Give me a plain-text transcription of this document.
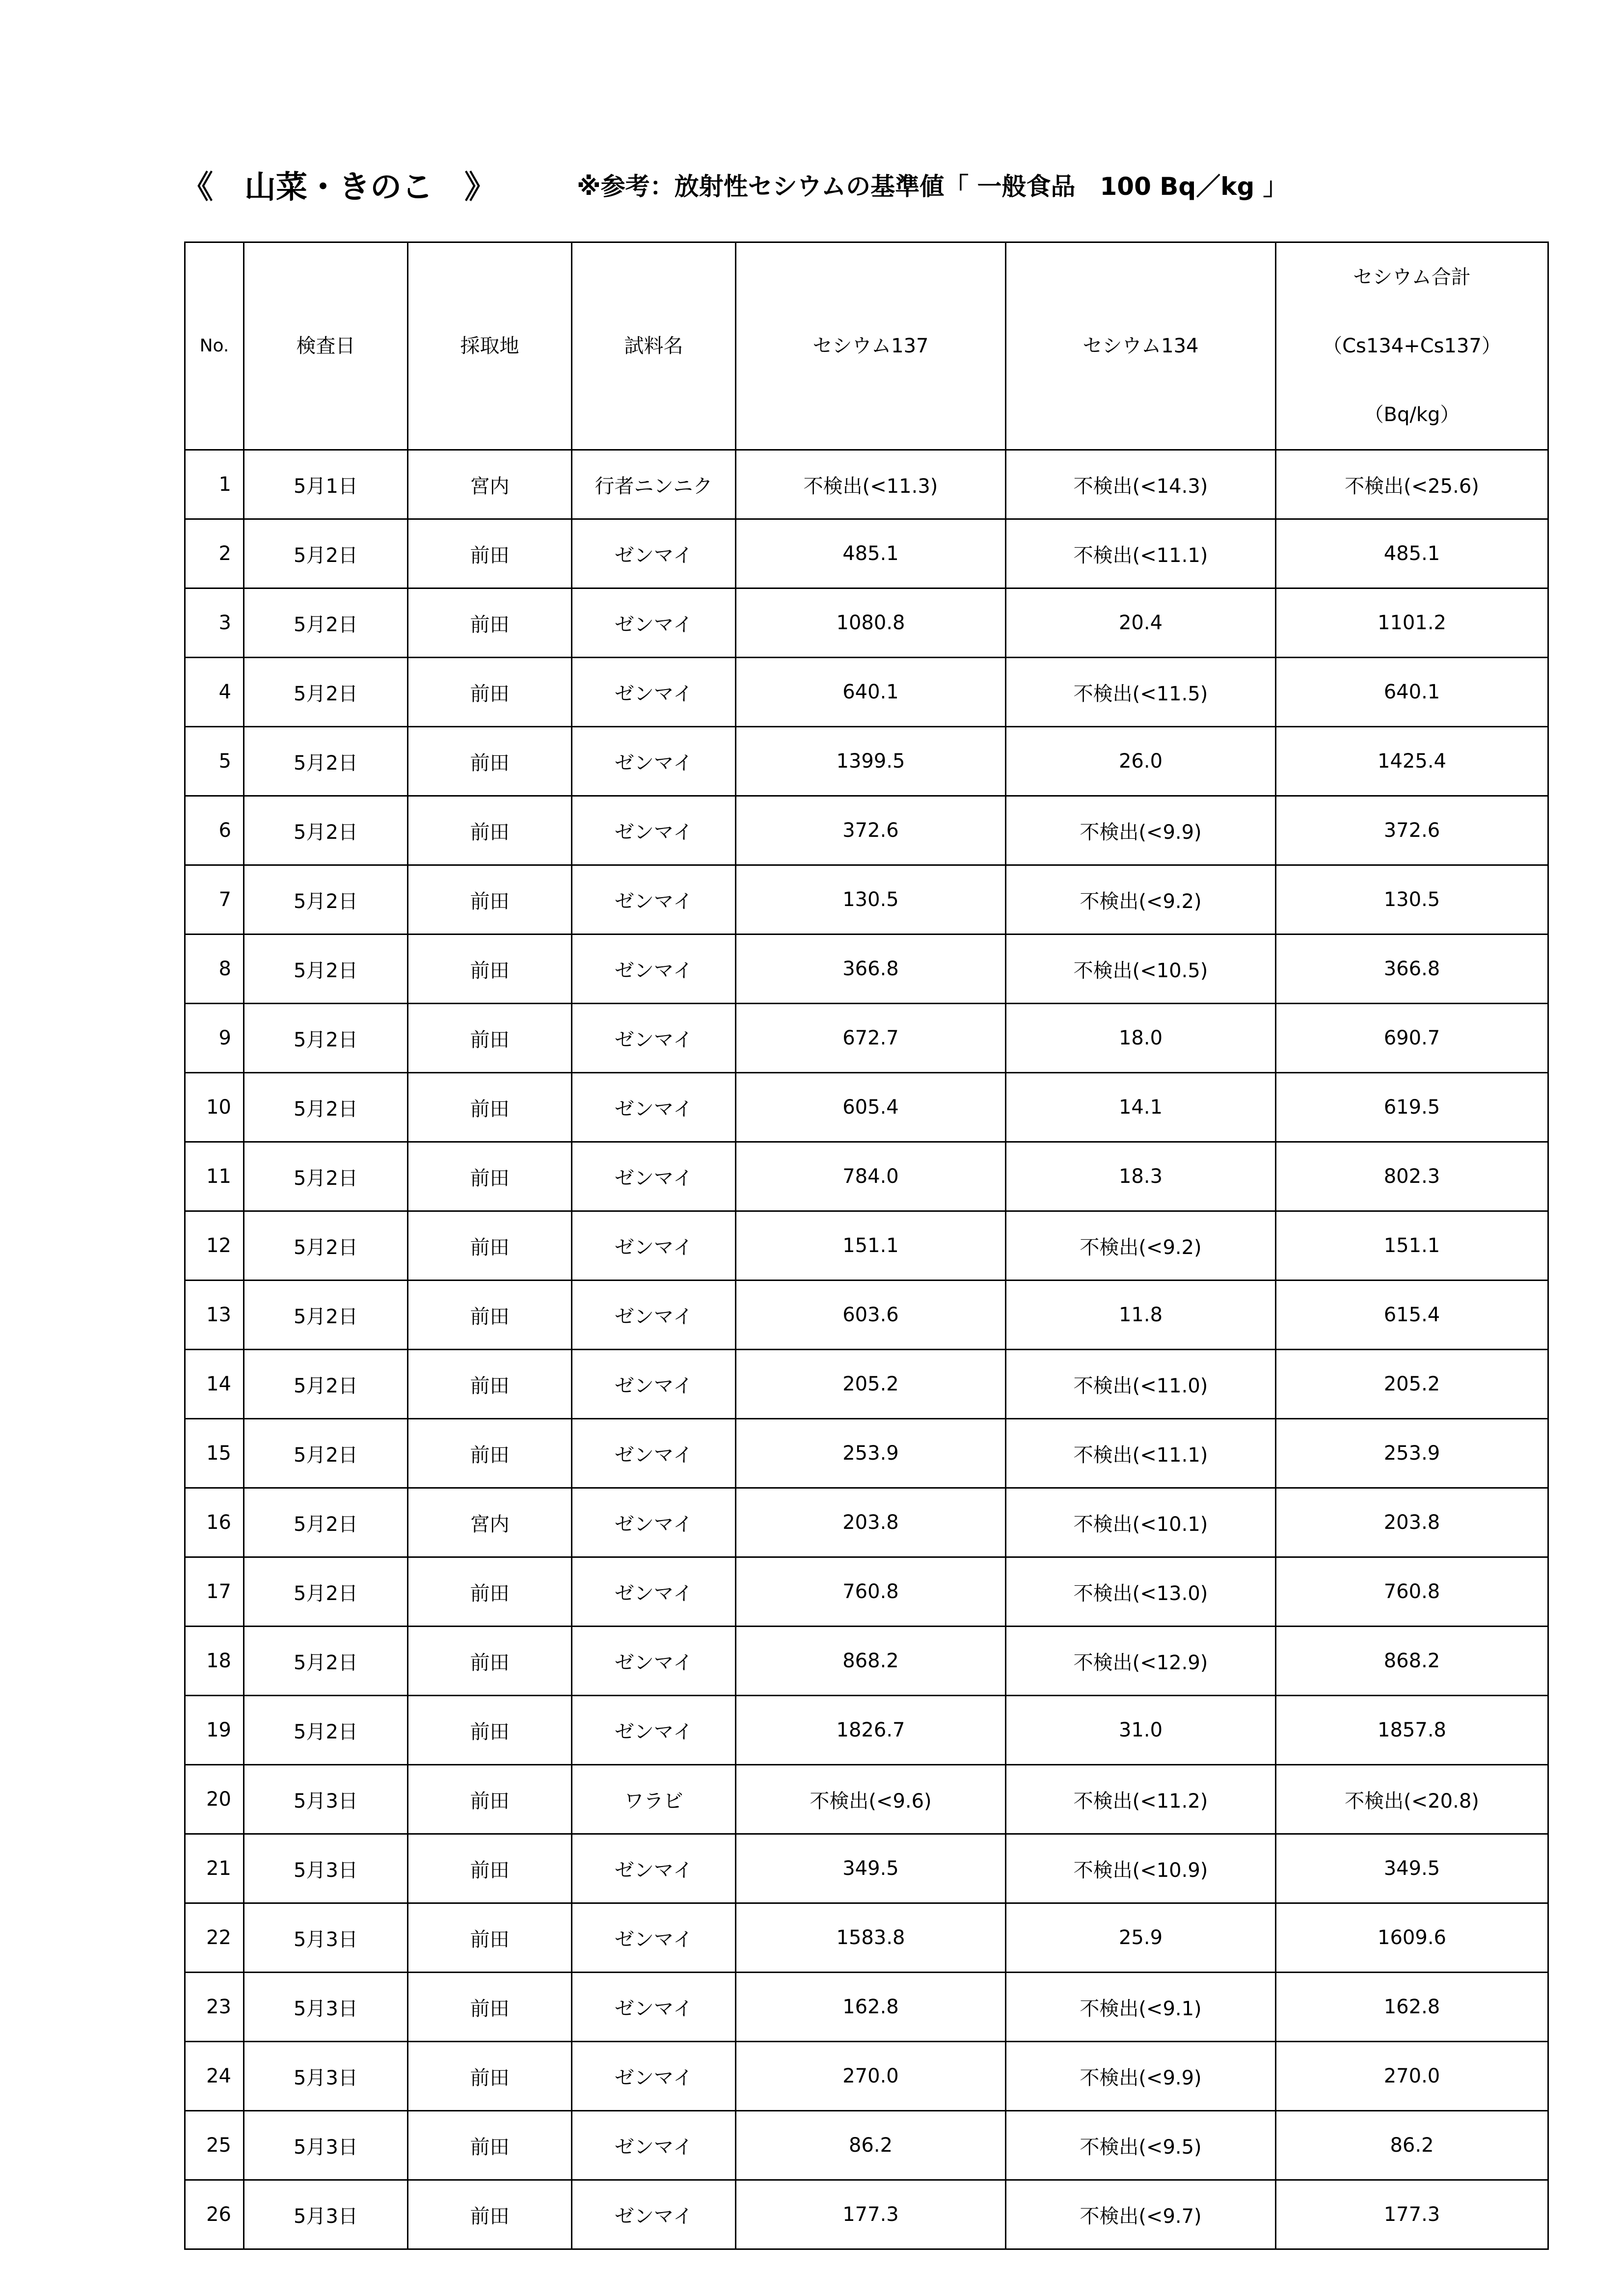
《　山菜・きのこ　》	※参考：放射性セシウムの基準値「 一般食品　100 Bq／kg 」
No.	検査日	採取地	試料名	セシウム137	セシウム134	セシウム合計
（Cs134+Cs137）
（Bq/kg）

1	5月1日	宮内	行者ニンニク	不検出(<11.3)	不検出(<14.3)	不検出(<25.6)
2	5月2日	前田	ゼンマイ	485.1	不検出(<11.1)	485.1
3	5月2日	前田	ゼンマイ	1080.8	20.4	1101.2
4	5月2日	前田	ゼンマイ	640.1	不検出(<11.5)	640.1
5	5月2日	前田	ゼンマイ	1399.5	26.0	1425.4
6	5月2日	前田	ゼンマイ	372.6	不検出(<9.9)	372.6
7	5月2日	前田	ゼンマイ	130.5	不検出(<9.2)	130.5
8	5月2日	前田	ゼンマイ	366.8	不検出(<10.5)	366.8
9	5月2日	前田	ゼンマイ	672.7	18.0	690.7
10	5月2日	前田	ゼンマイ	605.4	14.1	619.5
11	5月2日	前田	ゼンマイ	784.0	18.3	802.3
12	5月2日	前田	ゼンマイ	151.1	不検出(<9.2)	151.1
13	5月2日	前田	ゼンマイ	603.6	11.8	615.4
14	5月2日	前田	ゼンマイ	205.2	不検出(<11.0)	205.2
15	5月2日	前田	ゼンマイ	253.9	不検出(<11.1)	253.9
16	5月2日	宮内	ゼンマイ	203.8	不検出(<10.1)	203.8
17	5月2日	前田	ゼンマイ	760.8	不検出(<13.0)	760.8
18	5月2日	前田	ゼンマイ	868.2	不検出(<12.9)	868.2
19	5月2日	前田	ゼンマイ	1826.7	31.0	1857.8
20	5月3日	前田	ワラビ	不検出(<9.6)	不検出(<11.2)	不検出(<20.8)
21	5月3日	前田	ゼンマイ	349.5	不検出(<10.9)	349.5
22	5月3日	前田	ゼンマイ	1583.8	25.9	1609.6
23	5月3日	前田	ゼンマイ	162.8	不検出(<9.1)	162.8
24	5月3日	前田	ゼンマイ	270.0	不検出(<9.9)	270.0
25	5月3日	前田	ゼンマイ	86.2	不検出(<9.5)	86.2
26	5月3日	前田	ゼンマイ	177.3	不検出(<9.7)	177.3
